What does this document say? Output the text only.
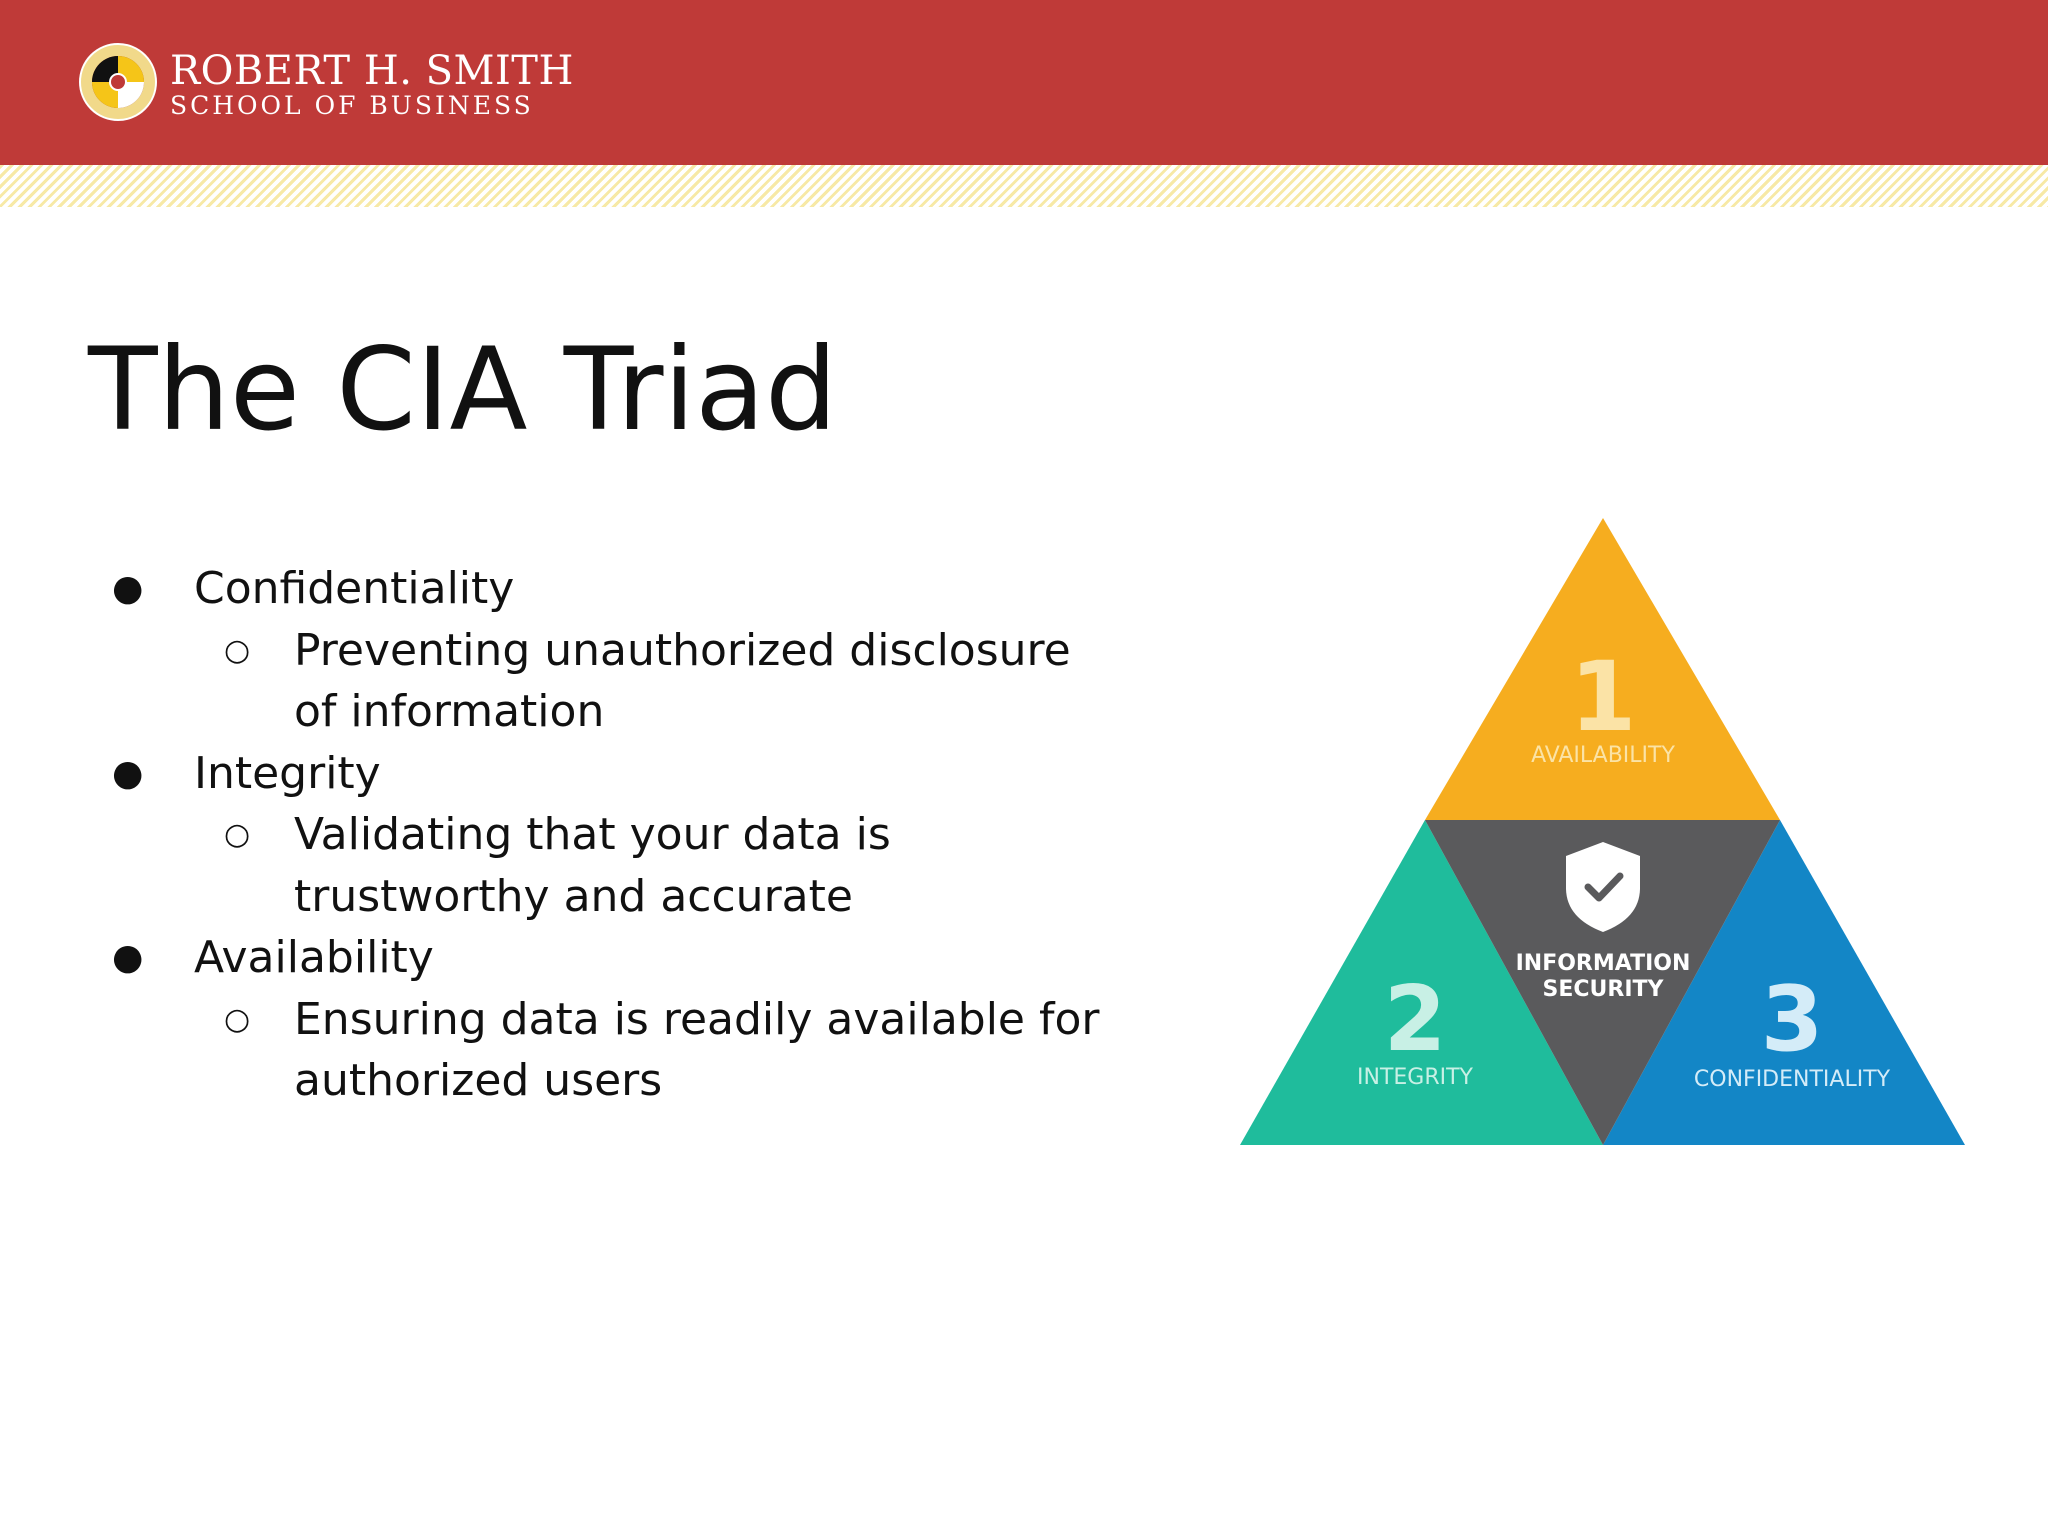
ROBERT H. SMITH
SCHOOL OF BUSINESS
The CIA Triad
●	Confidentiality
○ Preventing unauthorized disclosure of information
●	Integrity
○ Validating that your data is trustworthy and accurate
●	Availability
○ Ensuring data is readily available for authorized users
1
AVAILABILITY
2
INTEGRITY
3
CONFIDENTIALITY
INFORMATION
SECURITY
